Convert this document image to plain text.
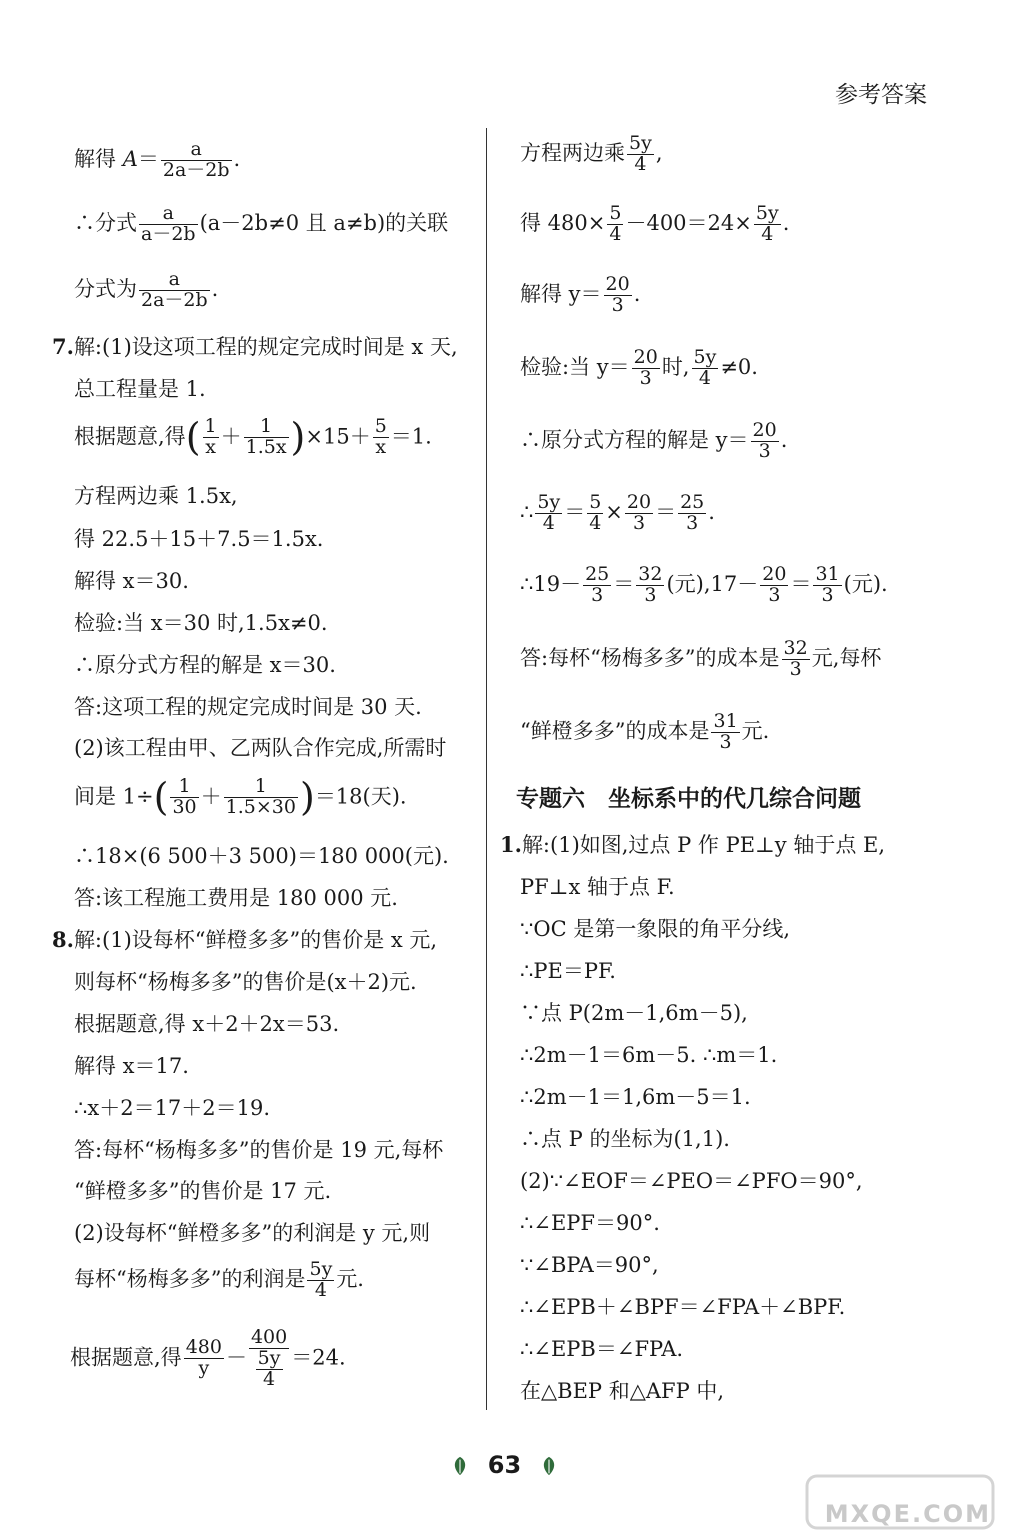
参考答案
解得 $A= \frac{a}{2a-2b}$ .
∴分式 $\frac{a}{a-2b} (a-2b\ne 0$ 且 a≠b)的关联
分式为 $\frac{a}{2a-2b}$ .
7.解:(1)设这项工程的规定完成时间是 x 天,
总工程量是 1.
根据题意,得( $\frac{1}{x} + \frac{1}{1.5x} )\times 15+ \frac{5}{x} =1$.
方程两边乘 1.5x,
得 22.5＋15＋7.5＝1.5x.
解得 x＝30.
检验:当 x＝30 时,1.5x≠0.
∴原分式方程的解是 x＝30.
答:这项工程的规定完成时间是 30 天.
(2)该工程由甲、乙两队合作完成,所需时
间是 $1\div( \frac{1}{30} + \frac{1}{1.5\times 30} )=18$(天).
∴18×(6 500＋3 500)＝180 000(元).
答:该工程施工费用是 180 000 元.
8.解:(1)设每杯“鲜橙多多”的售价是 x 元,
则每杯“杨梅多多”的售价是(x＋2)元.
根据题意,得 x＋2＋2x＝53.
解得 x＝17.
∴x＋2＝17＋2＝19.
答:每杯“杨梅多多”的售价是 19 元,每杯
“鲜橙多多”的售价是 17 元.
(2)设每杯“鲜橙多多”的利润是 y 元,则
每杯“杨梅多多”的利润是 $\frac{5y}{4}$ 元.
根据题意,得 $\frac{480}{y} - \frac{400}{\frac{5y}{4}} =24$.
方程两边乘 $\frac{5y}{4}$ ,
得 $480\times \frac{5}{4} -400=24\times \frac{5y}{4}$ .
解得 $y= \frac{20}{3}$ .
检验:当 $y= \frac{20}{3}$ 时, $\frac{5y}{4} \ne 0$.
∴原分式方程的解是 $y= \frac{20}{3}$ .
∴ $\frac{5y}{4} = \frac{5}{4} \times \frac{20}{3} = \frac{25}{3}$ .
∴19－ $\frac{25}{3} = \frac{32}{3}$ (元)$,17- \frac{20}{3} = \frac{31}{3}$ (元).
答:每杯“杨梅多多”的成本是 $\frac{32}{3}$ 元,每杯
“鲜橙多多”的成本是 $\frac{31}{3}$ 元.
专题六　坐标系中的代几综合问题
1.解:(1)如图,过点 P 作 PE⊥y 轴于点 E,
PF⊥x 轴于点 F.
∵OC 是第一象限的角平分线,
∴PE＝PF.
∵点 P(2m－1,6m－5),
∴2m－1＝6m－5. ∴m＝1.
∴2m－1＝1,6m－5＝1.
∴点 P 的坐标为(1,1).
(2)∵∠EOF＝∠PEO＝∠PFO＝90°,
∴∠EPF＝90°.
∵∠BPA＝90°,
∴∠EPB＋∠BPF＝∠FPA＋∠BPF.
∴∠EPB＝∠FPA.
在△BEP 和△AFP 中,
63
MXQE.COM
